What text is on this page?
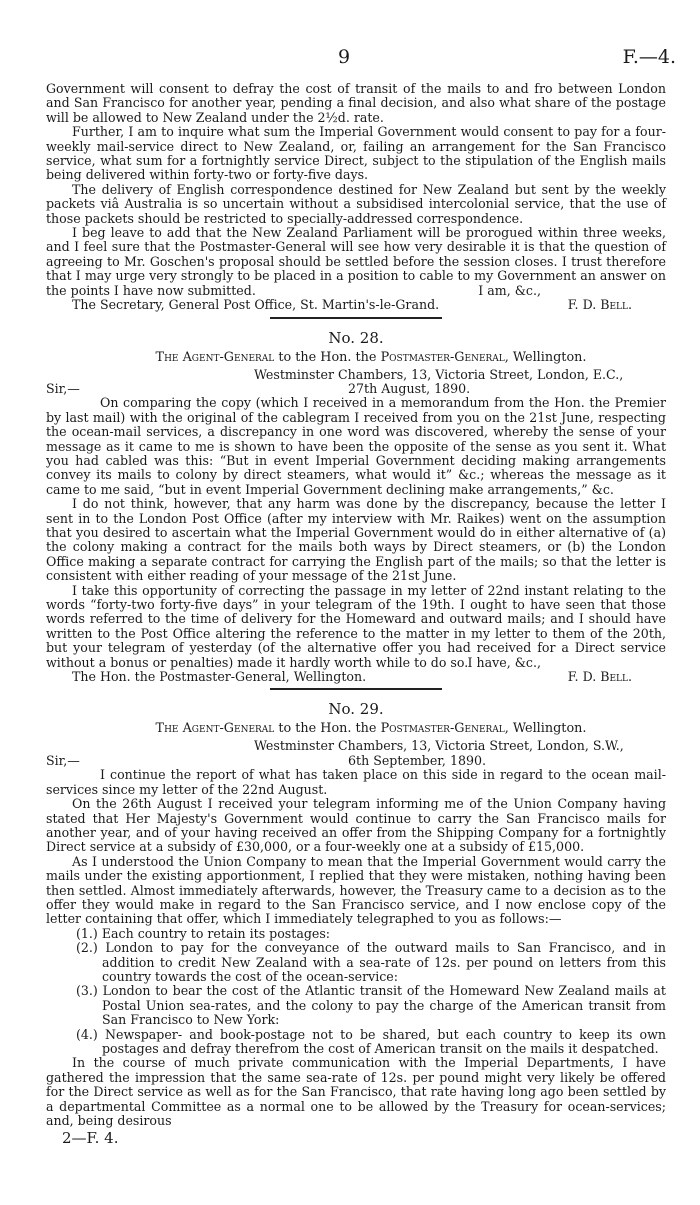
9	F.—4.

Government will consent to defray the cost of transit of the mails to and fro between London and San Francisco for another year, pending a final decision, and also what share of the postage will be allowed to New Zealand under the 2½d. rate.

Further, I am to inquire what sum the Imperial Government would consent to pay for a four-weekly mail-service direct to New Zealand, or, failing an arrangement for the San Francisco service, what sum for a fortnightly service Direct, subject to the stipulation of the English mails being delivered within forty-two or forty-five days.

The delivery of English correspondence destined for New Zealand but sent by the weekly packets viâ Australia is so uncertain without a subsidised intercolonial service, that the use of those packets should be restricted to specially-addressed correspondence.

I beg leave to add that the New Zealand Parliament will be prorogued within three weeks, and I feel sure that the Postmaster-General will see how very desirable it is that the question of agreeing to Mr. Goschen's proposal should be settled before the session closes. I trust therefore that I may urge very strongly to be placed in a position to cable to my Government an answer on the points I have now submitted.	I am, &c.,
The Secretary, General Post Office, St. Martin's-le-Grand.	F. D. Bell.
No. 28.
The Agent-General to the Hon. the Postmaster-General, Wellington.
Westminster Chambers, 13, Victoria Street, London, E.C.,
27th August, 1890.
Sir,—

On comparing the copy (which I received in a memorandum from the Hon. the Premier by last mail) with the original of the cablegram I received from you on the 21st June, respecting the ocean-mail services, a discrepancy in one word was discovered, whereby the sense of your message as it came to me is shown to have been the opposite of the sense as you sent it. What you had cabled was this: “But in event Imperial Government deciding making arrangements convey its mails to colony by direct steamers, what would it” &c.; whereas the message as it came to me said, “but in event Imperial Government declining make arrangements,” &c.

I do not think, however, that any harm was done by the discrepancy, because the letter I sent in to the London Post Office (after my interview with Mr. Raikes) went on the assumption that you desired to ascertain what the Imperial Government would do in either alternative of (a) the colony making a contract for the mails both ways by Direct steamers, or (b) the London Office making a separate contract for carrying the English part of the mails; so that the letter is consistent with either reading of your message of the 21st June.

I take this opportunity of correcting the passage in my letter of 22nd instant relating to the words “forty-two forty-five days” in your telegram of the 19th. I ought to have seen that those words referred to the time of delivery for the Homeward and outward mails; and I should have written to the Post Office altering the reference to the matter in my letter to them of the 20th, but your telegram of yesterday (of the alternative offer you had received for a Direct service without a bonus or penalties) made it hardly worth while to do so. I have, &c.,
The Hon. the Postmaster-General, Wellington.	F. D. Bell.
No. 29.
The Agent-General to the Hon. the Postmaster-General, Wellington.
Westminster Chambers, 13, Victoria Street, London, S.W.,
6th September, 1890.
Sir,—

I continue the report of what has taken place on this side in regard to the ocean mail-services since my letter of the 22nd August.

On the 26th August I received your telegram informing me of the Union Company having stated that Her Majesty's Government would continue to carry the San Francisco mails for another year, and of your having received an offer from the Shipping Company for a fortnightly Direct service at a subsidy of £30,000, or a four-weekly one at a subsidy of £15,000.

As I understood the Union Company to mean that the Imperial Government would carry the mails under the existing apportionment, I replied that they were mistaken, nothing having been then settled. Almost immediately afterwards, however, the Treasury came to a decision as to the offer they would make in regard to the San Francisco service, and I now enclose copy of the letter containing that offer, which I immediately telegraphed to you as follows:—

(1.) Each country to retain its postages:
(2.) London to pay for the conveyance of the outward mails to San Francisco, and in addition to credit New Zealand with a sea-rate of 12s. per pound on letters from this country towards the cost of the ocean-service:
(3.) London to bear the cost of the Atlantic transit of the Homeward New Zealand mails at Postal Union sea-rates, and the colony to pay the charge of the American transit from San Francisco to New York:
(4.) Newspaper- and book-postage not to be shared, but each country to keep its own postages and defray therefrom the cost of American transit on the mails it despatched.

In the course of much private communication with the Imperial Departments, I have gathered the impression that the same sea-rate of 12s. per pound might very likely be offered for the Direct service as well as for the San Francisco, that rate having long ago been settled by a departmental Committee as a normal one to be allowed by the Treasury for ocean-services; and, being desirous

2—F. 4.
